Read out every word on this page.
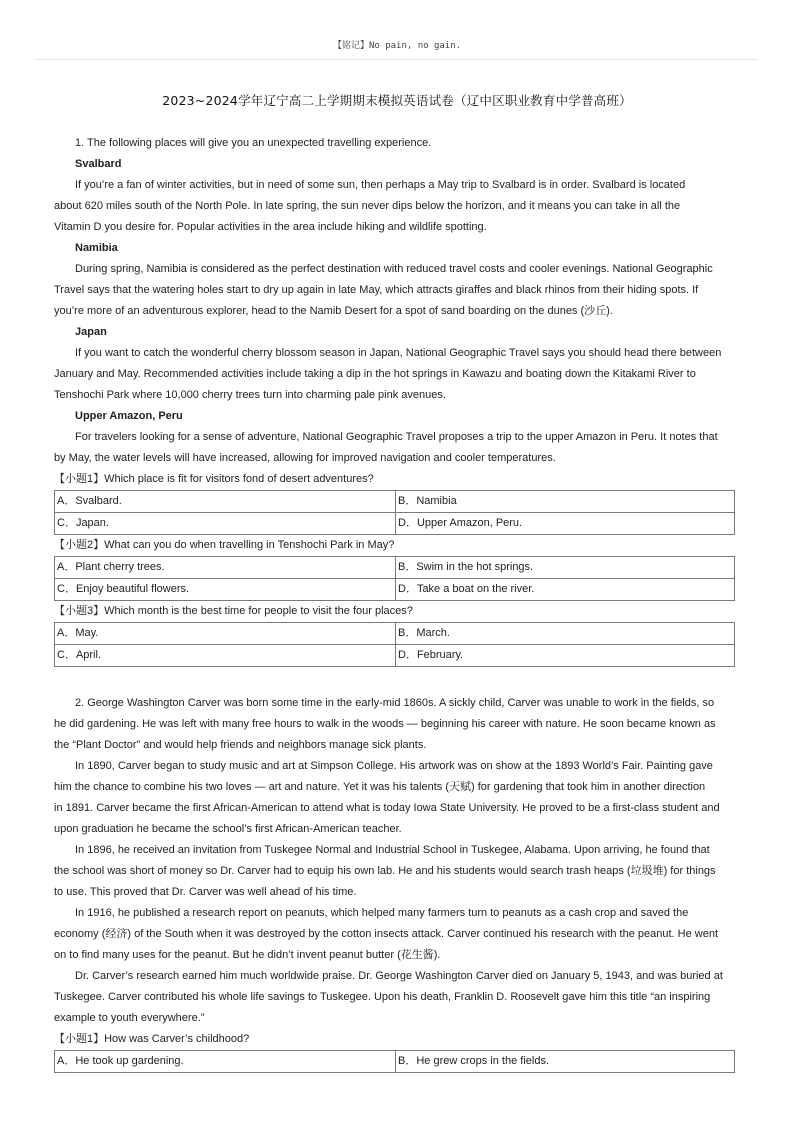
【铭记】No pain, no gain.
2023~2024学年辽宁高二上学期期末模拟英语试卷（辽中区职业教育中学普高班）
1. The following places will give you an unexpected travelling experience.
Svalbard
If you’re a fan of winter activities, but in need of some sun, then perhaps a May trip to Svalbard is in order. Svalbard is located
about 620 miles south of the North Pole. In late spring, the sun never dips below the horizon, and it means you can take in all the
Vitamin D you desire for. Popular activities in the area include hiking and wildlife spotting.
Namibia
During spring, Namibia is considered as the perfect destination with reduced travel costs and cooler evenings. National Geographic
Travel says that the watering holes start to dry up again in late May, which attracts giraffes and black rhinos from their hiding spots. If
you’re more of an adventurous explorer, head to the Namib Desert for a spot of sand boarding on the dunes (沙丘).
Japan
If you want to catch the wonderful cherry blossom season in Japan, National Geographic Travel says you should head there between
January and May. Recommended activities include taking a dip in the hot springs in Kawazu and boating down the Kitakami River to
Tenshochi Park where 10,000 cherry trees turn into charming pale pink avenues.
Upper Amazon, Peru
For travelers looking for a sense of adventure, National Geographic Travel proposes a trip to the upper Amazon in Peru. It notes that
by May, the water levels will have increased, allowing for improved navigation and cooler temperatures.
【小题1】Which place is fit for visitors fond of desert adventures?
A．Svalbard.	B．Namibia
C．Japan.	D．Upper Amazon, Peru.
【小题2】What can you do when travelling in Tenshochi Park in May?
A．Plant cherry trees.	B．Swim in the hot springs.
C．Enjoy beautiful flowers.	D．Take a boat on the river.
【小题3】Which month is the best time for people to visit the four places?
A．May.	B．March.
C．April.	D．February.
2. George Washington Carver was born some time in the early-mid 1860s. A sickly child, Carver was unable to work in the fields, so
he did gardening. He was left with many free hours to walk in the woods — beginning his career with nature. He soon became known as
the “Plant Doctor” and would help friends and neighbors manage sick plants.
In 1890, Carver began to study music and art at Simpson College. His artwork was on show at the 1893 World’s Fair. Painting gave
him the chance to combine his two loves — art and nature. Yet it was his talents (天赋) for gardening that took him in another direction
in 1891. Carver became the first African-American to attend what is today Iowa State University. He proved to be a first-class student and
upon graduation he became the school’s first African-American teacher.
In 1896, he received an invitation from Tuskegee Normal and Industrial School in Tuskegee, Alabama. Upon arriving, he found that
the school was short of money so Dr. Carver had to equip his own lab. He and his students would search trash heaps (垃圾堆) for things
to use. This proved that Dr. Carver was well ahead of his time.
In 1916, he published a research report on peanuts, which helped many farmers turn to peanuts as a cash crop and saved the
economy (经济) of the South when it was destroyed by the cotton insects attack. Carver continued his research with the peanut. He went
on to find many uses for the peanut. But he didn’t invent peanut butter (花生酱).
Dr. Carver’s research earned him much worldwide praise. Dr. George Washington Carver died on January 5, 1943, and was buried at
Tuskegee. Carver contributed his whole life savings to Tuskegee. Upon his death, Franklin D. Roosevelt gave him this title “an inspiring
example to youth everywhere.”
【小题1】How was Carver’s childhood?
A．He took up gardening.	B．He grew crops in the fields.
